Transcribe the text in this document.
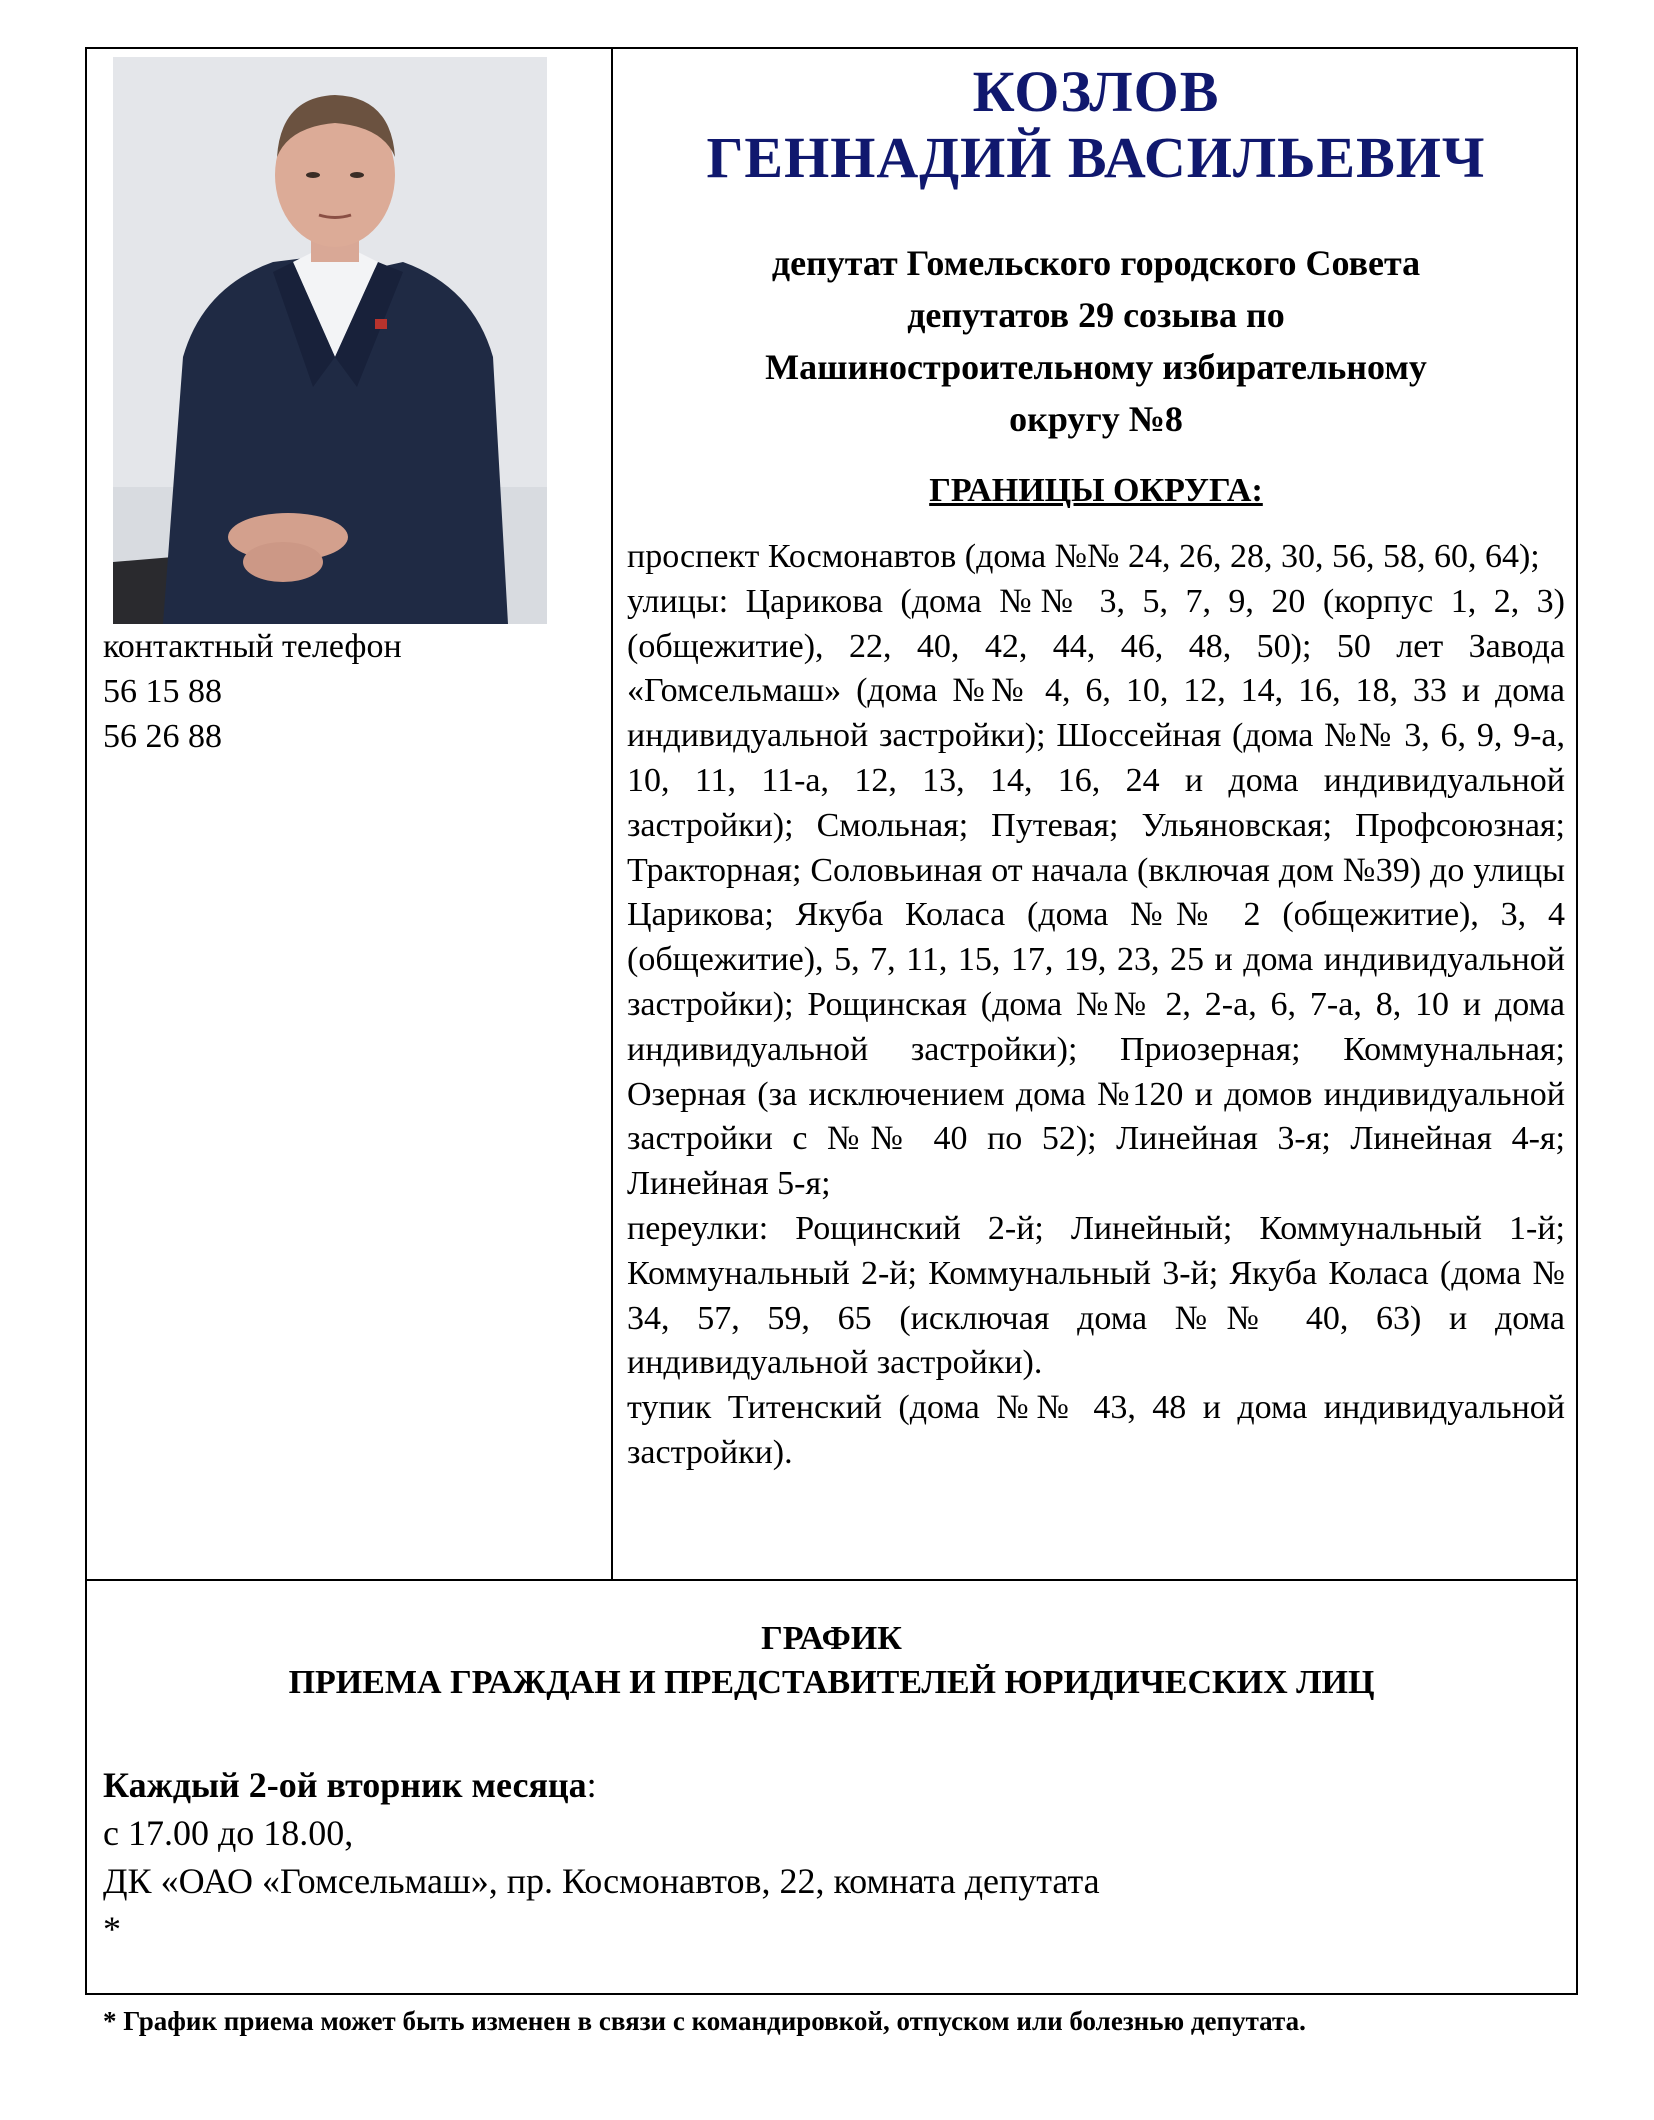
контактный телефон
56 15 88
56 26 88
КОЗЛОВ
ГЕННАДИЙ ВАСИЛЬЕВИЧ
депутат Гомельского городского Совета
депутатов 29 созыва по
Машиностроительному избирательному
округу №8
ГРАНИЦЫ ОКРУГА:

проспект Космонавтов (дома №№ 24, 26, 28, 30, 56, 58, 60, 64);

улицы: Царикова (дома №№ 3, 5, 7, 9, 20 (корпус 1, 2, 3) (общежитие), 22, 40, 42, 44, 46, 48, 50); 50 лет Завода «Гомсельмаш» (дома №№ 4, 6, 10, 12, 14, 16, 18, 33 и дома индивидуальной застройки); Шоссейная (дома №№ 3, 6, 9, 9-а, 10, 11, 11-а, 12, 13, 14, 16, 24 и дома индивидуальной застройки); Смольная; Путевая; Ульяновская; Профсоюзная; Тракторная; Соловьиная от начала (включая дом №39) до улицы Царикова; Якуба Коласа (дома №№ 2 (общежитие), 3, 4 (общежитие), 5, 7, 11, 15, 17, 19, 23, 25 и дома индивидуальной застройки); Рощинская (дома №№ 2, 2-а, 6, 7-а, 8, 10 и дома индивидуальной застройки); Приозерная; Коммунальная; Озерная (за исключением дома №120 и домов индивидуальной застройки с №№ 40 по 52); Линейная 3-я; Линейная 4-я; Линейная 5-я;

переулки: Рощинский 2-й; Линейный; Коммунальный 1-й; Коммунальный 2-й; Коммунальный 3-й; Якуба Коласа (дома № 34, 57, 59, 65 (исключая дома №№ 40, 63) и дома индивидуальной застройки).

тупик Титенский (дома №№ 43, 48 и дома индивидуальной застройки).

ГРАФИК
ПРИЕМА ГРАЖДАН И ПРЕДСТАВИТЕЛЕЙ ЮРИДИЧЕСКИХ ЛИЦ
Каждый 2-ой вторник месяца:
с 17.00 до 18.00,
ДК «ОАО «Гомсельмаш», пр. Космонавтов, 22, комната депутата
*
* График приема может быть изменен в связи с командировкой, отпуском или болезнью депутата.
